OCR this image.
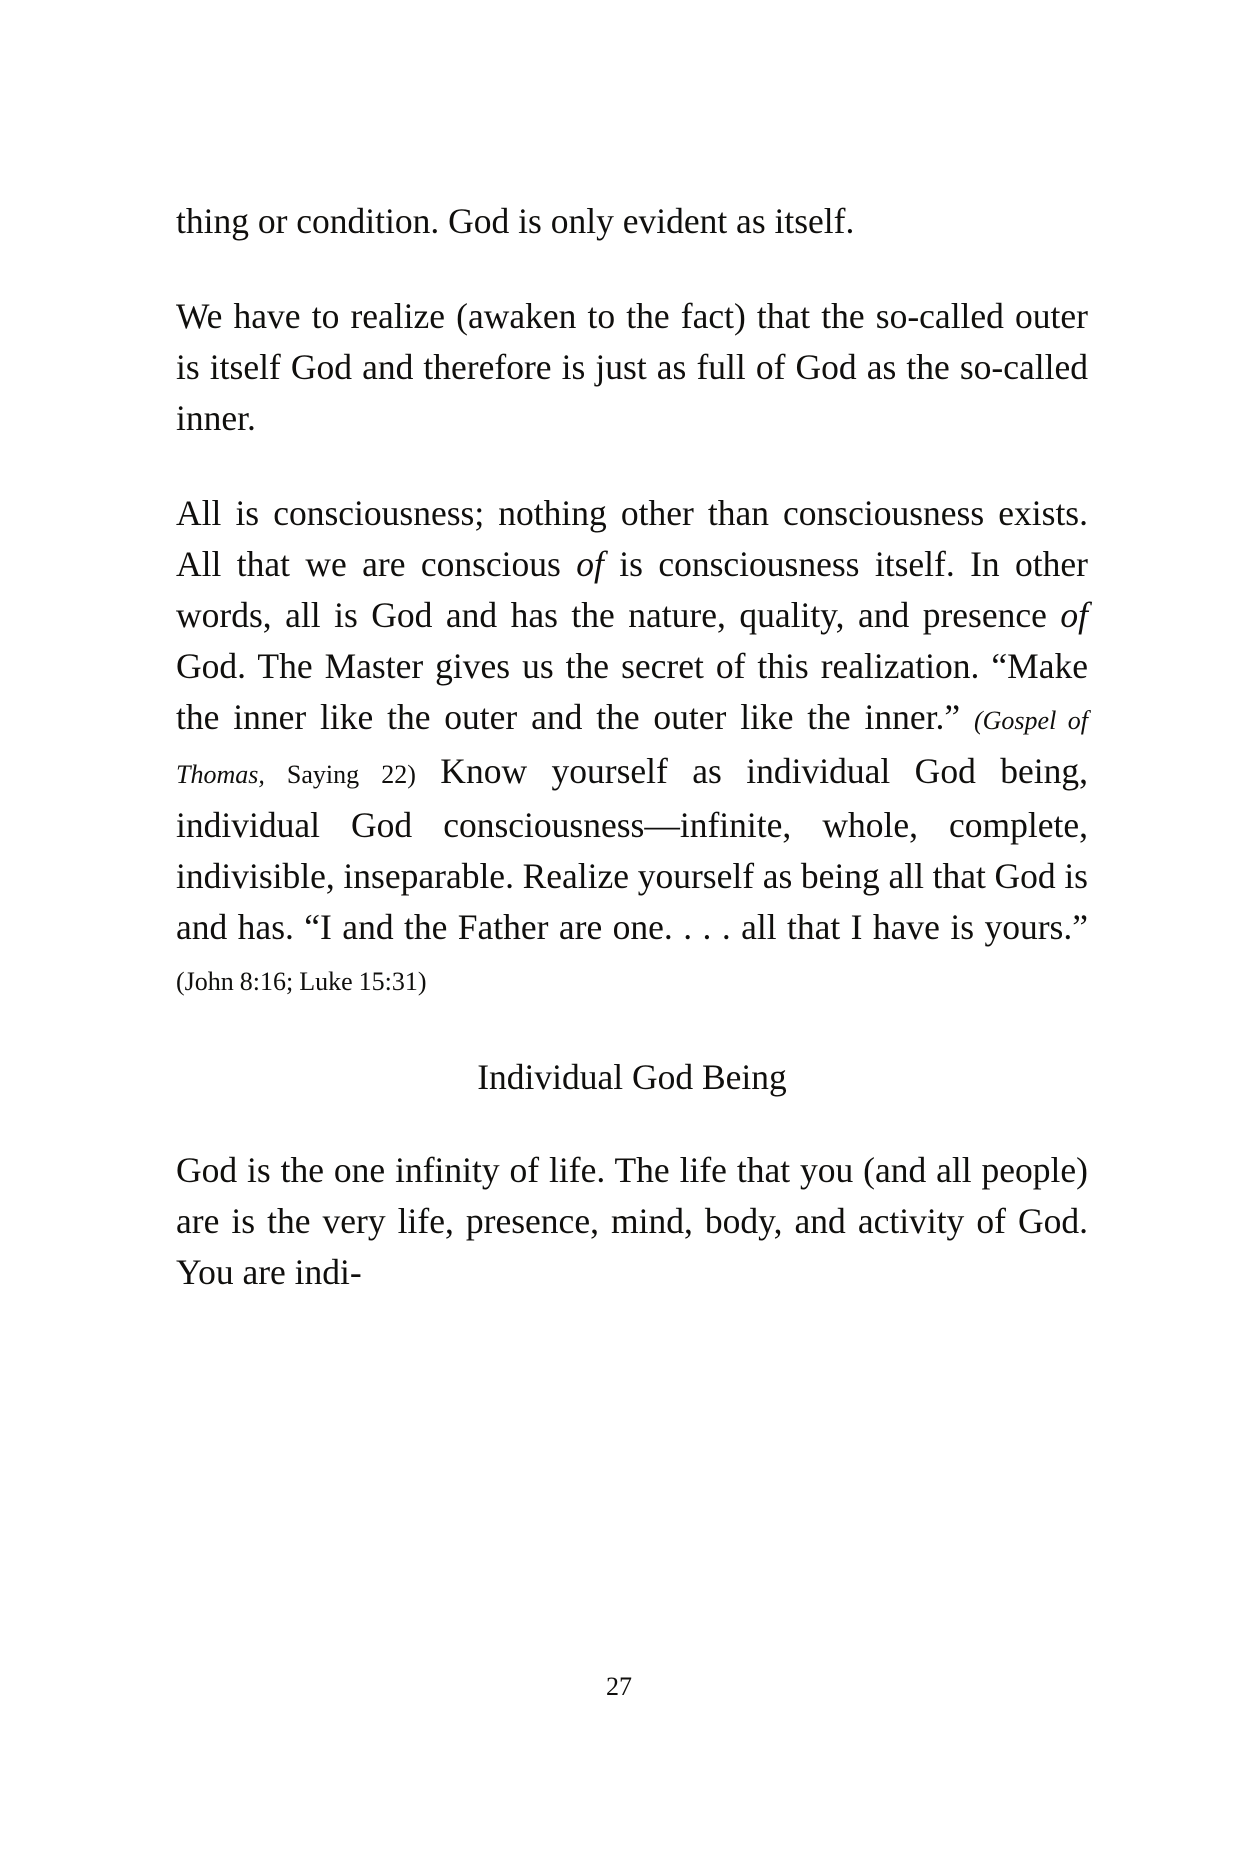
thing or condition. God is only evident as itself.

We have to realize (awaken to the fact) that the so-called outer is itself God and therefore is just as full of God as the so-called inner.

All is consciousness; nothing other than consciousness exists. All that we are conscious of is consciousness itself. In other words, all is God and has the nature, quality, and presence of God. The Master gives us the secret of this realization. “Make the inner like the outer and the outer like the inner.” (Gospel of Thomas, Saying 22) Know yourself as individual God being, individual God consciousness—infinite, whole, complete, indivisible, inseparable. Realize yourself as being all that God is and has. “I and the Father are one. . . . all that I have is yours.” (John 8:16; Luke 15:31)

Individual God Being

God is the one infinity of life. The life that you (and all people) are is the very life, presence, mind, body, and activity of God. You are indi-

27
